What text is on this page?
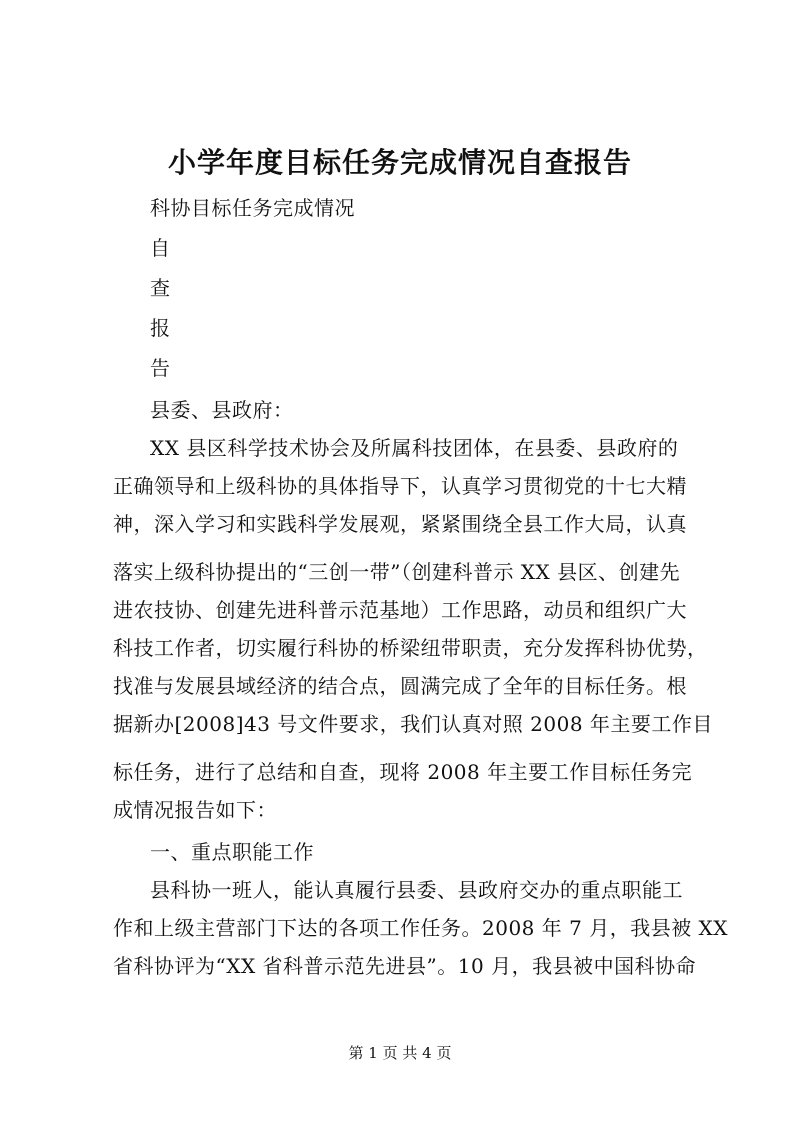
小学年度目标任务完成情况自查报告
科协目标任务完成情况
自
查
报
告
县委、县政府：
XX 县区科学技术协会及所属科技团体，在县委、县政府的
正确领导和上级科协的具体指导下，认真学习贯彻党的十七大精
神，深入学习和实践科学发展观，紧紧围绕全县工作大局，认真
落实上级科协提出的“三创一带”（创建科普示 XX 县区、创建先
进农技协、创建先进科普示范基地）工作思路，动员和组织广大
科技工作者，切实履行科协的桥梁纽带职责，充分发挥科协优势，
找准与发展县域经济的结合点，圆满完成了全年的目标任务。根
据新办[2008]43 号文件要求，我们认真对照 2008 年主要工作目
标任务，进行了总结和自查，现将 2008 年主要工作目标任务完
成情况报告如下：
一、重点职能工作
县科协一班人，能认真履行县委、县政府交办的重点职能工
作和上级主营部门下达的各项工作任务。2008 年 7 月，我县被 XX
省科协评为“XX 省科普示范先进县”。10 月，我县被中国科协命
第 1 页 共 4 页
